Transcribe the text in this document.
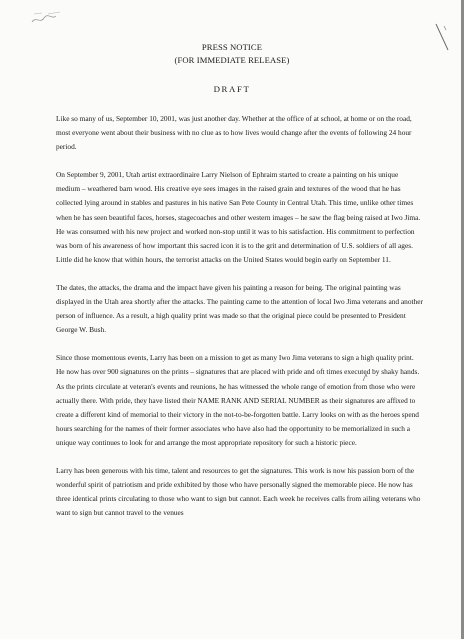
PRESS NOTICE
(FOR IMMEDIATE RELEASE)
DRAFT

Like so many of us, September 10, 2001, was just another day. Whether at the office of at school, at home or on the road, most everyone went about their business with no clue as to how lives would change after the events of following 24 hour period.

On September 9, 2001, Utah artist extraordinaire Larry Nielson of Ephraim started to create a painting on his unique medium – weathered barn wood. His creative eye sees images in the raised grain and textures of the wood that he has collected lying around in stables and pastures in his native San Pete County in Central Utah. This time, unlike other times when he has seen beautiful faces, horses, stagecoaches and other western images – he saw the flag being raised at Iwo Jima. He was consumed with his new project and worked non-stop until it was to his satisfaction. His commitment to perfection was born of his awareness of how important this sacred icon it is to the grit and determination of U.S. soldiers of all ages. Little did he know that within hours, the terrorist attacks on the United States would begin early on September 11.

The dates, the attacks, the drama and the impact have given his painting a reason for being. The original painting was displayed in the Utah area shortly after the attacks. The painting came to the attention of local Iwo Jima veterans and another person of influence. As a result, a high quality print was made so that the original piece could be presented to President George W. Bush.

Since those momentous events, Larry has been on a mission to get as many Iwo Jima veterans to sign a high quality print. He now has over 900 signatures on the prints – signatures that are placed with pride and oft times executed by shaky hands. As the prints circulate at veteran's events and reunions, he has witnessed the whole range of emotion from those who were actually there. With pride, they have listed their NAME RANK AND SERIAL NUMBER as their signatures are affixed to create a different kind of memorial to their victory in the not-to-be-forgotten battle. Larry looks on with as the heroes spend hours searching for the names of their former associates who have also had the opportunity to be memorialized in such a unique way continues to look for and arrange the most appropriate repository for such a historic piece.

Larry has been generous with his time, talent and resources to get the signatures. This work is now his passion born of the wonderful spirit of patriotism and pride exhibited by those who have personally signed the memorable piece. He now has three identical prints circulating to those who want to sign but cannot. Each week he receives calls from ailing veterans who want to sign but cannot travel to the venues
